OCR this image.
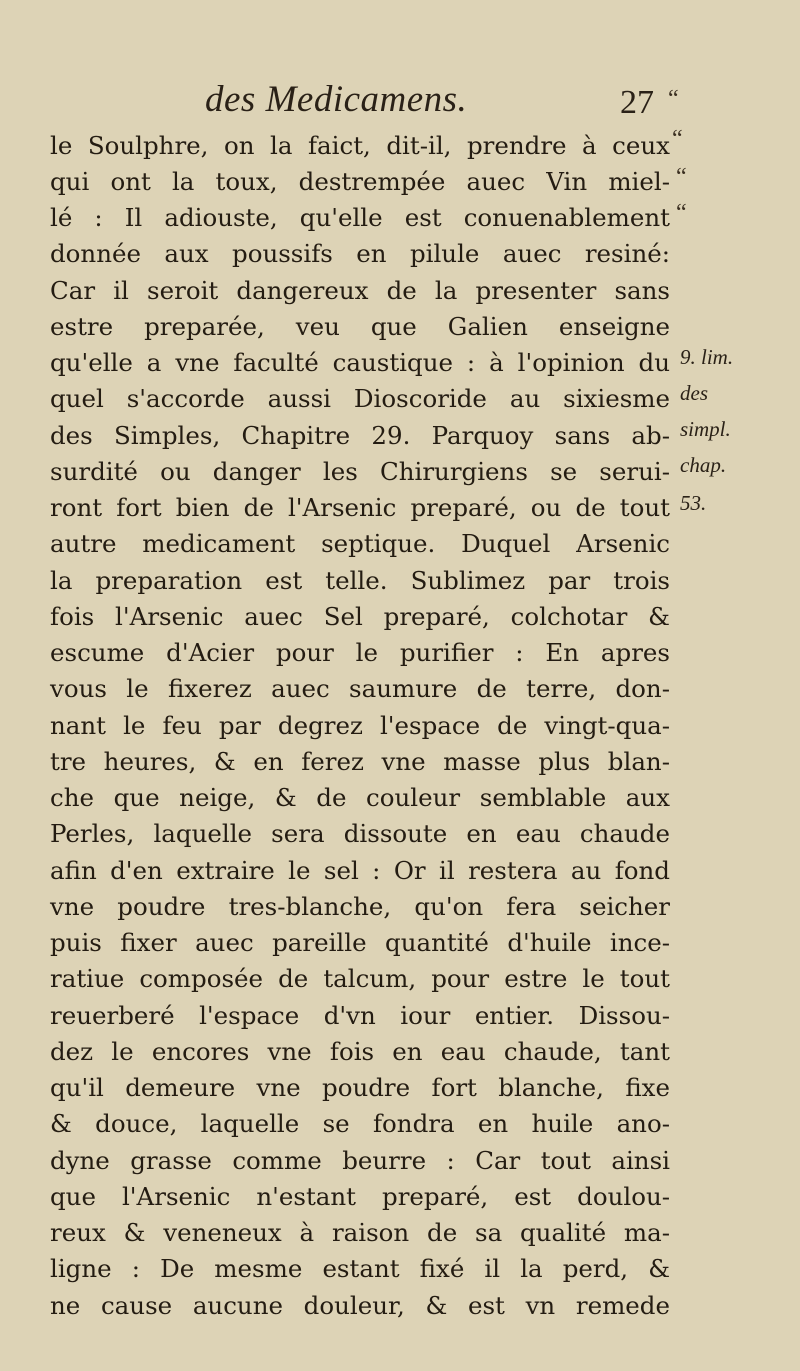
des Medicamens.	27 “
“
“
“
le Soulphre, on la faict, dit-il, prendre à ceux
qui ont la toux, destrempée auec Vin miel-
lé : Il adiouste, qu'elle est conuenablement
donnée aux poussifs en pilule auec resiné:
Car il seroit dangereux de la presenter sans
estre preparée, veu que Galien enseigne
qu'elle a vne faculté caustique : à l'opinion du
quel s'accorde aussi Dioscoride au sixiesme
des Simples, Chapitre 29. Parquoy sans ab-
surdité ou danger les Chirurgiens se serui-
ront fort bien de l'Arsenic preparé, ou de tout
autre medicament septique. Duquel Arsenic
la preparation est telle. Sublimez par trois
fois l'Arsenic auec Sel preparé, colchotar &
escume d'Acier pour le purifier : En apres
vous le fixerez auec saumure de terre, don-
nant le feu par degrez l'espace de vingt-qua-
tre heures, & en ferez vne masse plus blan-
che que neige, & de couleur semblable aux
Perles, laquelle sera dissoute en eau chaude
afin d'en extraire le sel : Or il restera au fond
vne poudre tres-blanche, qu'on fera seicher
puis fixer auec pareille quantité d'huile ince-
ratiue composée de talcum, pour estre le tout
reuerberé l'espace d'vn iour entier. Dissou-
dez le encores vne fois en eau chaude, tant
qu'il demeure vne poudre fort blanche, fixe
& douce, laquelle se fondra en huile ano-
dyne grasse comme beurre : Car tout ainsi
que l'Arsenic n'estant preparé, est doulou-
reux & veneneux à raison de sa qualité ma-
ligne : De mesme estant fixé il la perd, &
ne cause aucune douleur, & est vn remede
9. lim.
des
simpl.
chap.
53.
